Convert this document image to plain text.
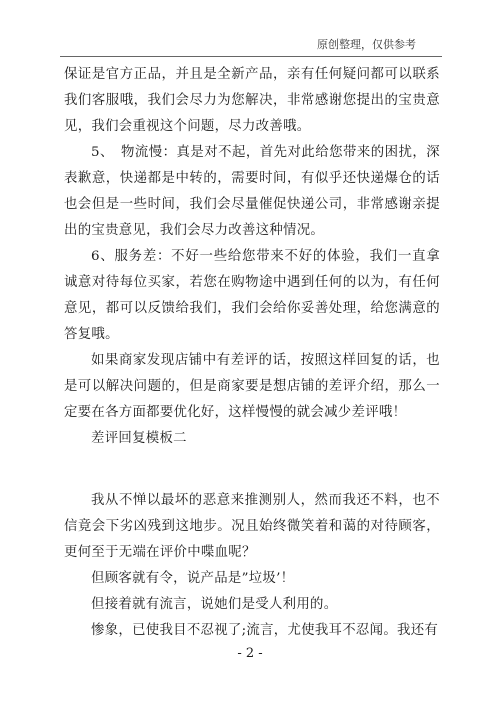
原创整理，仅供参考

保证是官方正品，并且是全新产品，亲有任何疑问都可以联系我们客服哦，我们会尽力为您解决，非常感谢您提出的宝贵意见，我们会重视这个问题，尽力改善哦。

5、　物流慢：真是对不起，首先对此给您带来的困扰，深表歉意，快递都是中转的，需要时间，有似乎还快递爆仓的话也会但是一些时间，我们会尽量催促快递公司，非常感谢亲提出的宝贵意见，我们会尽力改善这种情况。

6、服务差：不好一些给您带来不好的体验，我们一直拿诚意对待每位买家，若您在购物途中遇到任何的以为，有任何意见，都可以反馈给我们，我们会给你妥善处理，给您满意的答复哦。

如果商家发现店铺中有差评的话，按照这样回复的话，也是可以解决问题的，但是商家要是想店铺的差评介绍，那么一定要在各方面都要优化好，这样慢慢的就会减少差评哦！

差评回复模板二

我从不惮以最坏的恶意来推测别人，然而我还不料，也不信竟会下劣凶残到这地步。况且始终微笑着和蔼的对待顾客，更何至于无端在评价中喋血呢？

但顾客就有令，说产品是”垃圾’！

但接着就有流言，说她们是受人利用的。

惨象，已使我目不忍视了;流言，尤使我耳不忍闻。我还有

- 2 -
